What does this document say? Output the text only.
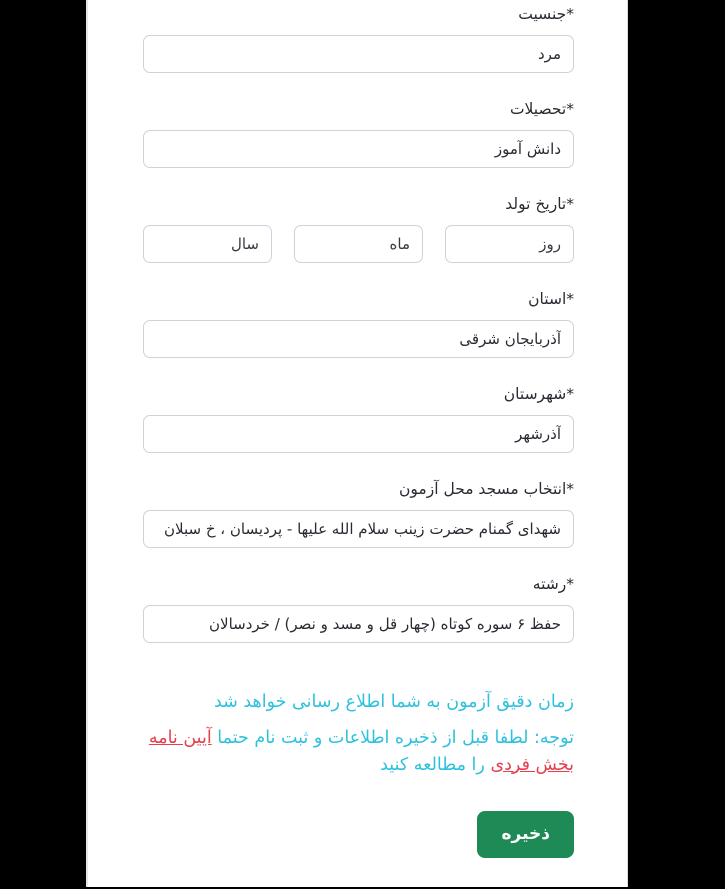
جنسیت*
مرد
تحصیلات*
دانش آموز
تاریخ تولد*
روز
ماه
سال
استان*
آذربایجان شرقی
شهرستان*
آذرشهر
انتخاب مسجد محل آزمون*
شهدای گمنام حضرت زینب سلام الله علیها - پردیسان ، خ سبلان
رشته*
حفظ ۶ سوره کوتاه (چهار قل و مسد و نصر) / خردسالان

زمان دقیق آزمون به شما اطلاع رسانی خواهد شد

توجه: لطفا قبل از ذخیره اطلاعات و ثبت نام حتما آیین نامه بخش فردی را مطالعه کنید

ذخیره
